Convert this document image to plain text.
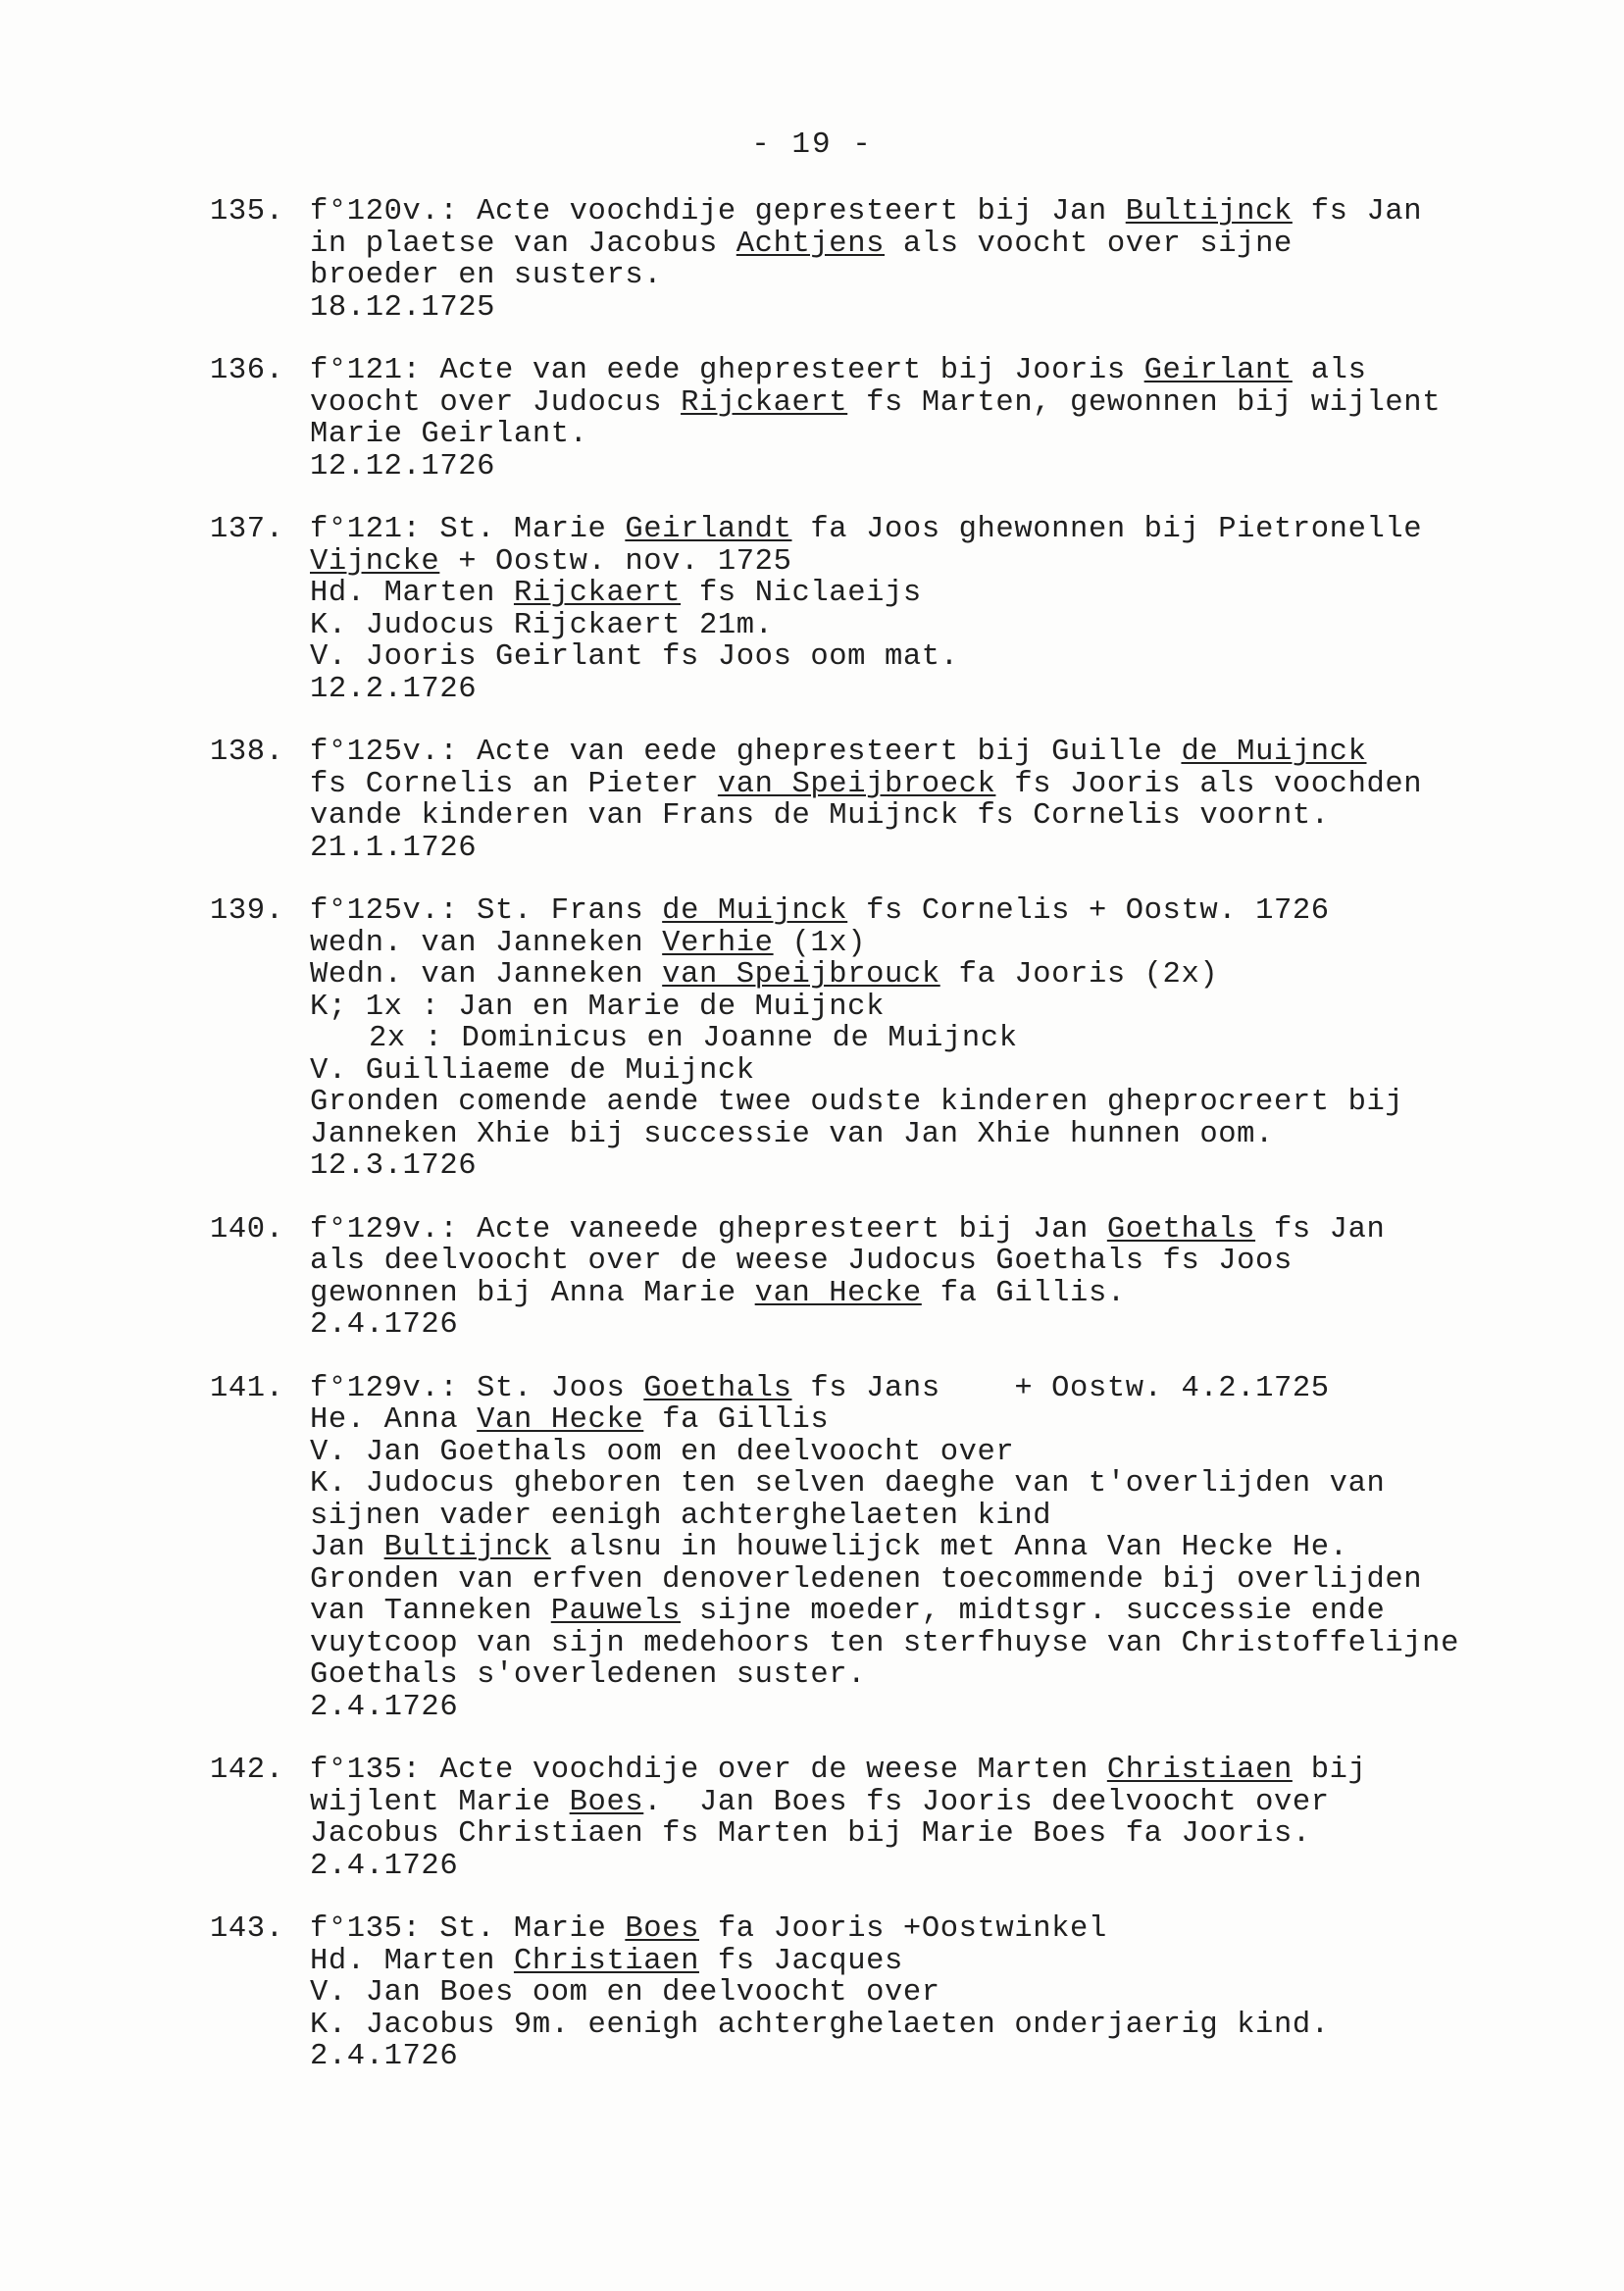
- 19 -
135. f°120v.: Acte voochdije gepresteert bij Jan Bultijnck fs Jan
in plaetse van Jacobus Achtjens als voocht over sijne
broeder en susters.
18.12.1725
136. f°121: Acte van eede ghepresteert bij Jooris Geirlant als
voocht over Judocus Rijckaert fs Marten, gewonnen bij wijlent
Marie Geirlant.
12.12.1726
137. f°121: St. Marie Geirlandt fa Joos ghewonnen bij Pietronelle
Vijncke + Oostw. nov. 1725
Hd. Marten Rijckaert fs Niclaeijs
K. Judocus Rijckaert 21m.
V. Jooris Geirlant fs Joos oom mat.
12.2.1726
138. f°125v.: Acte van eede ghepresteert bij Guille de Muijnck
fs Cornelis an Pieter van Speijbroeck fs Jooris als voochden
vande kinderen van Frans de Muijnck fs Cornelis voornt.
21.1.1726
139. f°125v.: St. Frans de Muijnck fs Cornelis + Oostw. 1726
wedn. van Janneken Verhie (1x)
Wedn. van Janneken van Speijbrouck fa Jooris (2x)
K; 1x : Jan en Marie de Muijnck
2x : Dominicus en Joanne de Muijnck
V. Guilliaeme de Muijnck
Gronden comende aende twee oudste kinderen gheprocreert bij
Janneken Xhie bij successie van Jan Xhie hunnen oom.
12.3.1726
140. f°129v.: Acte vaneede ghepresteert bij Jan Goethals fs Jan
als deelvoocht over de weese Judocus Goethals fs Joos
gewonnen bij Anna Marie van Hecke fa Gillis.
2.4.1726
141. f°129v.: St. Joos Goethals fs Jans    + Oostw. 4.2.1725
He. Anna Van Hecke fa Gillis
V. Jan Goethals oom en deelvoocht over
K. Judocus gheboren ten selven daeghe van t'overlijden van
sijnen vader eenigh achterghelaeten kind
Jan Bultijnck alsnu in houwelijck met Anna Van Hecke He.
Gronden van erfven denoverledenen toecommende bij overlijden
van Tanneken Pauwels sijne moeder, midtsgr. successie ende
vuytcoop van sijn medehoors ten sterfhuyse van Christoffelijne
Goethals s'overledenen suster.
2.4.1726
142. f°135: Acte voochdije over de weese Marten Christiaen bij
wijlent Marie Boes.  Jan Boes fs Jooris deelvoocht over
Jacobus Christiaen fs Marten bij Marie Boes fa Jooris.
2.4.1726
143. f°135: St. Marie Boes fa Jooris +Oostwinkel
Hd. Marten Christiaen fs Jacques
V. Jan Boes oom en deelvoocht over
K. Jacobus 9m. eenigh achterghelaeten onderjaerig kind.
2.4.1726
